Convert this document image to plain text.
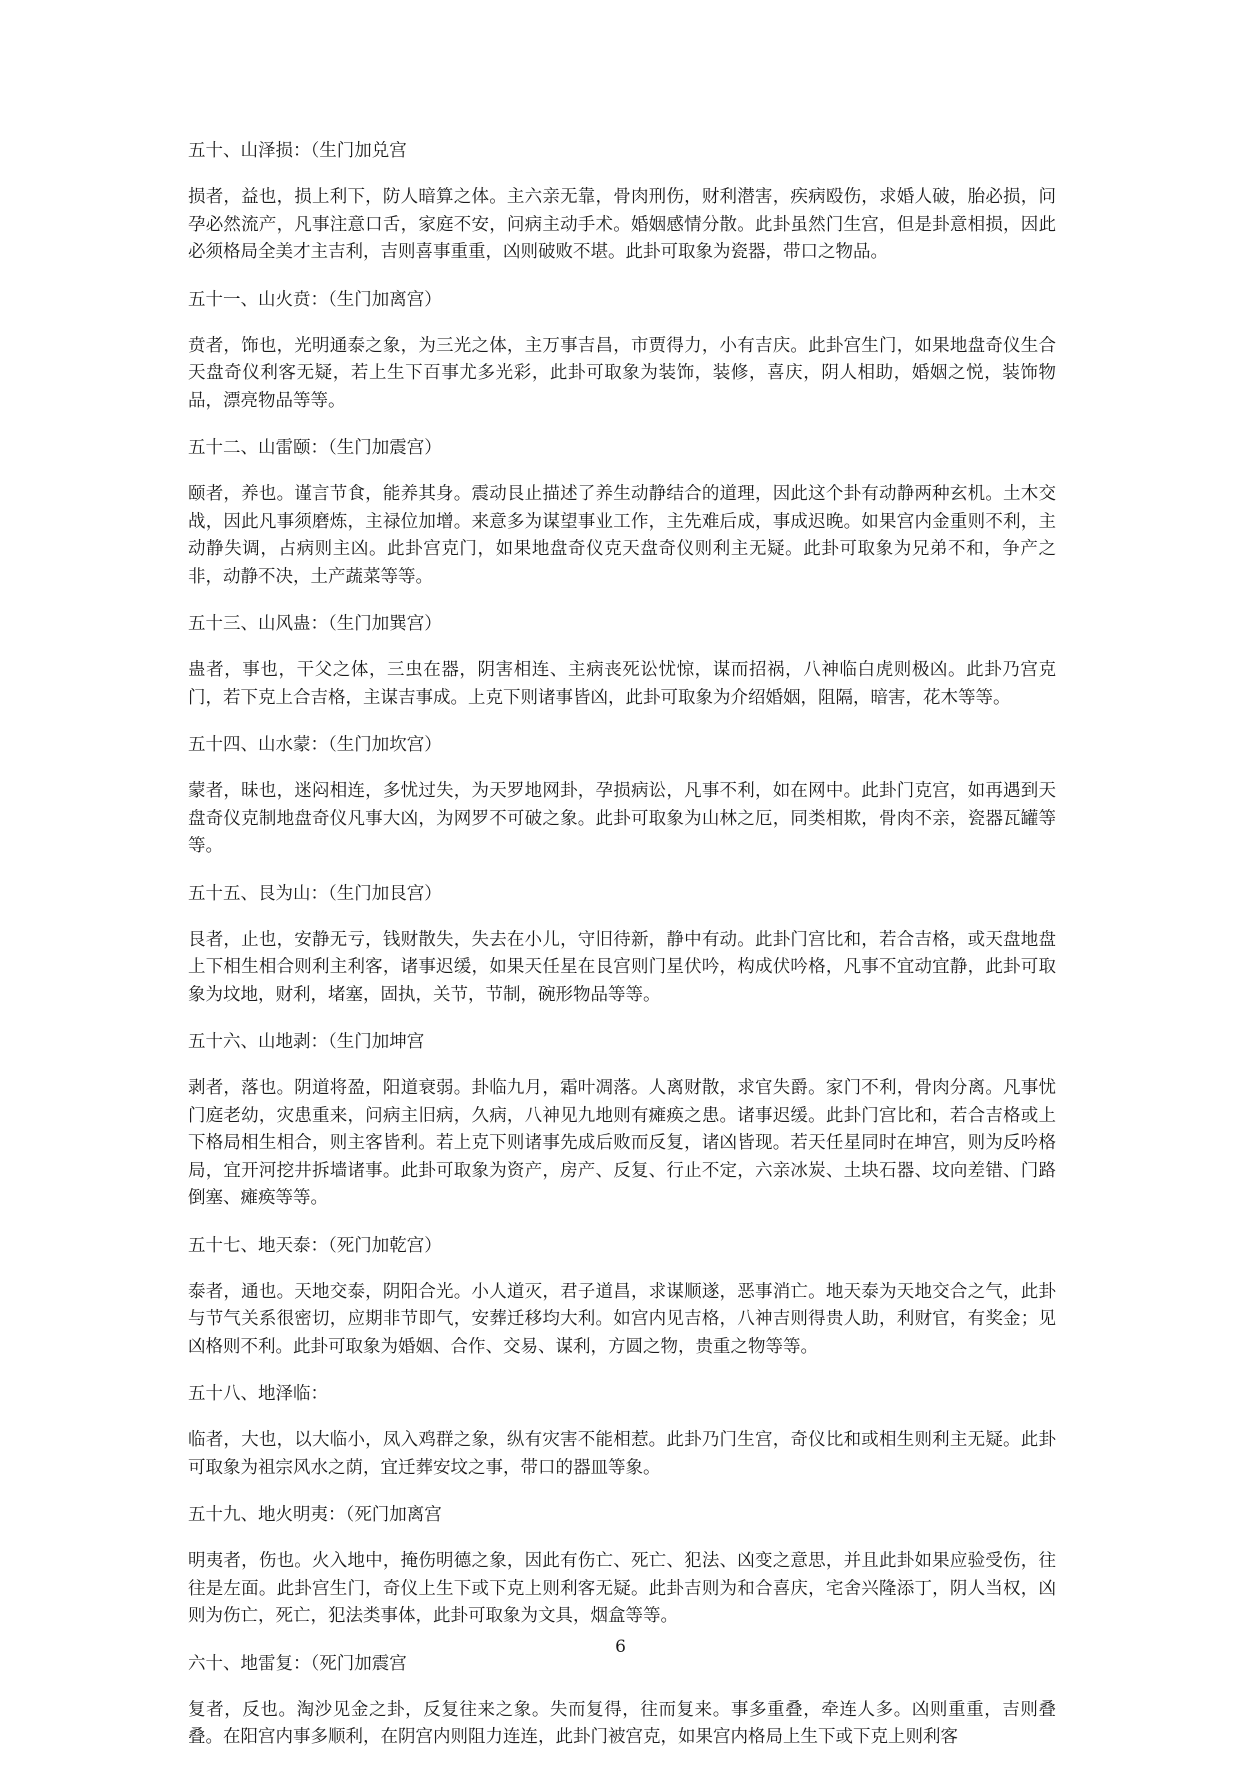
五十、山泽损：（生门加兑宫

损者，益也，损上利下，防人暗算之体。主六亲无靠，骨肉刑伤，财利潜害，疾病殴伤，求婚人破，胎必损，问孕必然流产，凡事注意口舌，家庭不安，问病主动手术。婚姻感情分散。此卦虽然门生宫，但是卦意相损，因此必须格局全美才主吉利，吉则喜事重重，凶则破败不堪。此卦可取象为瓷器，带口之物品。

五十一、山火贲：（生门加离宫）

贲者，饰也，光明通泰之象，为三光之体，主万事吉昌，市贾得力，小有吉庆。此卦宫生门，如果地盘奇仪生合天盘奇仪利客无疑，若上生下百事尤多光彩，此卦可取象为装饰，装修，喜庆，阴人相助，婚姻之悦，装饰物品，漂亮物品等等。

五十二、山雷颐：（生门加震宫）

颐者，养也。谨言节食，能养其身。震动艮止描述了养生动静结合的道理，因此这个卦有动静两种玄机。土木交战，因此凡事须磨炼，主禄位加增。来意多为谋望事业工作，主先难后成，事成迟晚。如果宫内金重则不利，主动静失调，占病则主凶。此卦宫克门，如果地盘奇仪克天盘奇仪则利主无疑。此卦可取象为兄弟不和，争产之非，动静不决，土产蔬菜等等。

五十三、山风蛊：（生门加巽宫）

蛊者，事也，干父之体，三虫在器，阴害相连、主病丧死讼忧惊，谋而招祸，八神临白虎则极凶。此卦乃宫克门，若下克上合吉格，主谋吉事成。上克下则诸事皆凶，此卦可取象为介绍婚姻，阻隔，暗害，花木等等。

五十四、山水蒙：（生门加坎宫）

蒙者，昧也，迷闷相连，多忧过失，为天罗地网卦，孕损病讼，凡事不利，如在网中。此卦门克宫，如再遇到天盘奇仪克制地盘奇仪凡事大凶，为网罗不可破之象。此卦可取象为山林之厄，同类相欺，骨肉不亲，瓷器瓦罐等等。

五十五、艮为山：（生门加艮宫）

艮者，止也，安静无亏，钱财散失，失去在小儿，守旧待新，静中有动。此卦门宫比和，若合吉格，或天盘地盘上下相生相合则利主利客，诸事迟缓，如果天任星在艮宫则门星伏吟，构成伏吟格，凡事不宜动宜静，此卦可取象为坟地，财利，堵塞，固执，关节，节制，碗形物品等等。

五十六、山地剥：（生门加坤宫

剥者，落也。阴道将盈，阳道衰弱。卦临九月，霜叶凋落。人离财散，求官失爵。家门不利，骨肉分离。凡事忧门庭老幼，灾患重来，问病主旧病，久病，八神见九地则有瘫痪之患。诸事迟缓。此卦门宫比和，若合吉格或上下格局相生相合，则主客皆利。若上克下则诸事先成后败而反复，诸凶皆现。若天任星同时在坤宫，则为反吟格局，宜开河挖井拆墙诸事。此卦可取象为资产，房产、反复、行止不定，六亲冰炭、土块石器、坟向差错、门路倒塞、瘫痪等等。

五十七、地天泰：（死门加乾宫）

泰者，通也。天地交泰，阴阳合光。小人道灭，君子道昌，求谋顺遂，恶事消亡。地天泰为天地交合之气，此卦与节气关系很密切，应期非节即气，安葬迁移均大利。如宫内见吉格，八神吉则得贵人助，利财官，有奖金；见凶格则不利。此卦可取象为婚姻、合作、交易、谋利，方圆之物，贵重之物等等。

五十八、地泽临：

临者，大也，以大临小，凤入鸡群之象，纵有灾害不能相惹。此卦乃门生宫，奇仪比和或相生则利主无疑。此卦可取象为祖宗风水之荫，宜迁葬安坟之事，带口的器皿等象。

五十九、地火明夷：（死门加离宫

明夷者，伤也。火入地中，掩伤明德之象，因此有伤亡、死亡、犯法、凶变之意思，并且此卦如果应验受伤，往往是左面。此卦宫生门，奇仪上生下或下克上则利客无疑。此卦吉则为和合喜庆，宅舍兴隆添丁，阴人当权，凶则为伤亡，死亡，犯法类事体，此卦可取象为文具，烟盒等等。

六十、地雷复：（死门加震宫

复者，反也。淘沙见金之卦，反复往来之象。失而复得，往而复来。事多重叠，牵连人多。凶则重重，吉则叠叠。在阳宫内事多顺利，在阴宫内则阻力连连，此卦门被宫克，如果宫内格局上生下或下克上则利客

6
